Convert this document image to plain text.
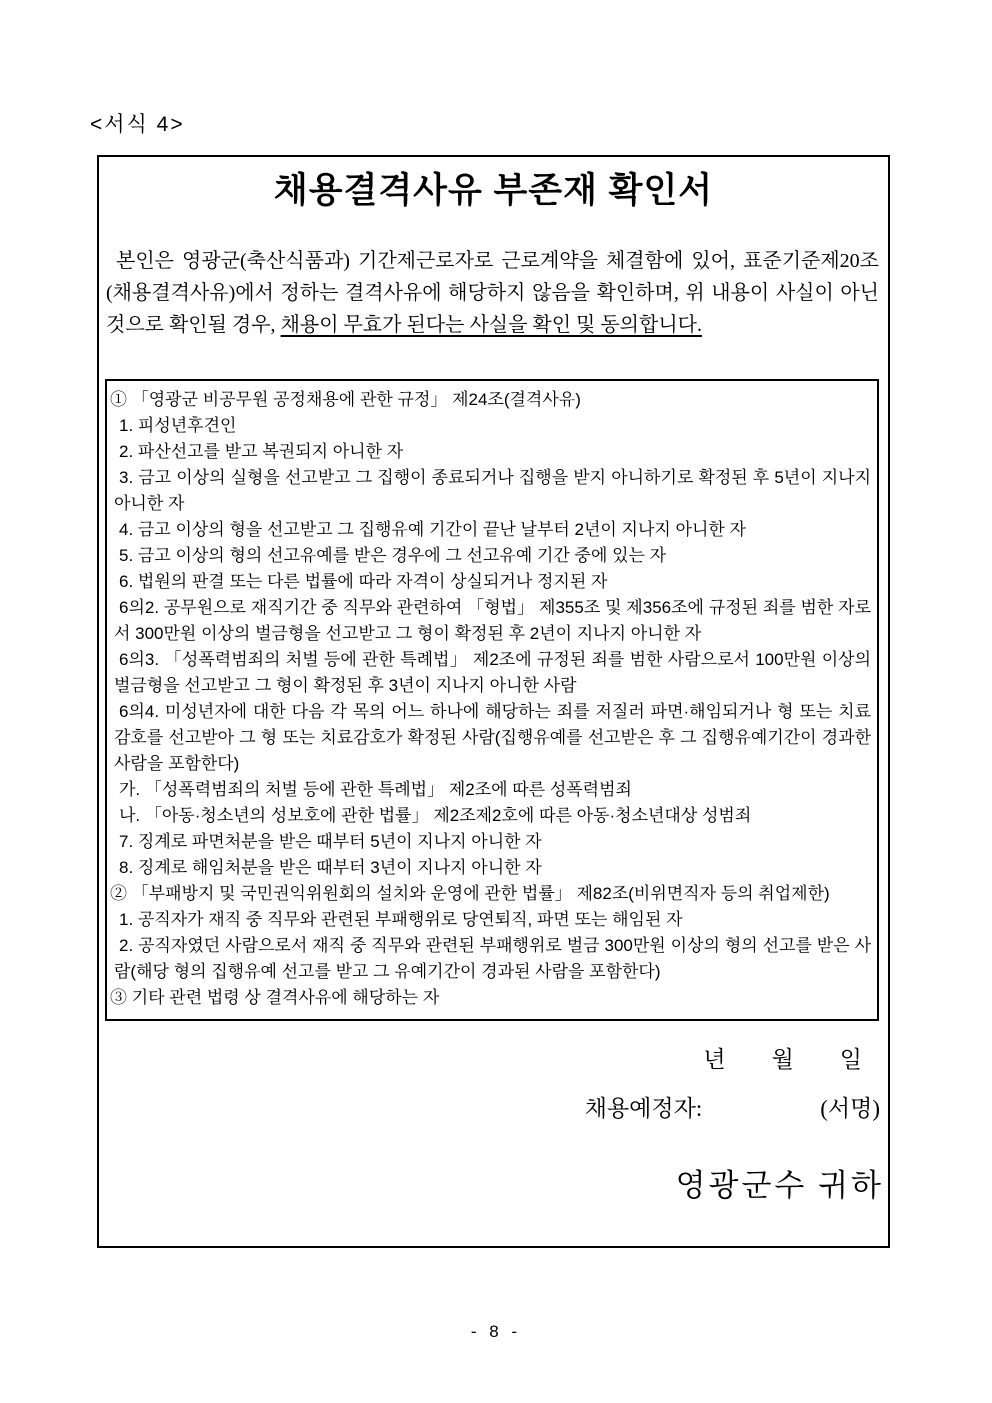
<서식 4>
채용결격사유 부존재 확인서

본인은 영광군(축산식품과) 기간제근로자로 근로계약을 체결함에 있어, 표준기준제20조(채용결격사유)에서 정하는 결격사유에 해당하지 않음을 확인하며, 위 내용이 사실이 아닌 것으로 확인될 경우, 채용이 무효가 된다는 사실을 확인 및 동의합니다.

① 「영광군 비공무원 공정채용에 관한 규정」 제24조(결격사유)
1. 피성년후견인
2. 파산선고를 받고 복권되지 아니한 자
3. 금고 이상의 실형을 선고받고 그 집행이 종료되거나 집행을 받지 아니하기로 확정된 후 5년이 지나지 아니한 자
4. 금고 이상의 형을 선고받고 그 집행유예 기간이 끝난 날부터 2년이 지나지 아니한 자
5. 금고 이상의 형의 선고유예를 받은 경우에 그 선고유예 기간 중에 있는 자
6. 법원의 판결 또는 다른 법률에 따라 자격이 상실되거나 정지된 자
6의2. 공무원으로 재직기간 중 직무와 관련하여 「형법」 제355조 및 제356조에 규정된 죄를 범한 자로서 300만원 이상의 벌금형을 선고받고 그 형이 확정된 후 2년이 지나지 아니한 자
6의3. 「성폭력범죄의 처벌 등에 관한 특례법」 제2조에 규정된 죄를 범한 사람으로서 100만원 이상의 벌금형을 선고받고 그 형이 확정된 후 3년이 지나지 아니한 사람
6의4. 미성년자에 대한 다음 각 목의 어느 하나에 해당하는 죄를 저질러 파면·해임되거나 형 또는 치료감호를 선고받아 그 형 또는 치료감호가 확정된 사람(집행유예를 선고받은 후 그 집행유예기간이 경과한 사람을 포함한다)
가. 「성폭력범죄의 처벌 등에 관한 특례법」 제2조에 따른 성폭력범죄
나. 「아동·청소년의 성보호에 관한 법률」 제2조제2호에 따른 아동·청소년대상 성범죄
7. 징계로 파면처분을 받은 때부터 5년이 지나지 아니한 자
8. 징계로 해임처분을 받은 때부터 3년이 지나지 아니한 자
② 「부패방지 및 국민권익위원회의 설치와 운영에 관한 법률」 제82조(비위면직자 등의 취업제한)
1. 공직자가 재직 중 직무와 관련된 부패행위로 당연퇴직, 파면 또는 해임된 자
2. 공직자였던 사람으로서 재직 중 직무와 관련된 부패행위로 벌금 300만원 이상의 형의 선고를 받은 사람(해당 형의 집행유예 선고를 받고 그 유예기간이 경과된 사람을 포함한다)
③ 기타 관련 법령 상 결격사유에 해당하는 자
년 월 일
채용예정자:	(서명)
영광군수 귀하
- 8 -
